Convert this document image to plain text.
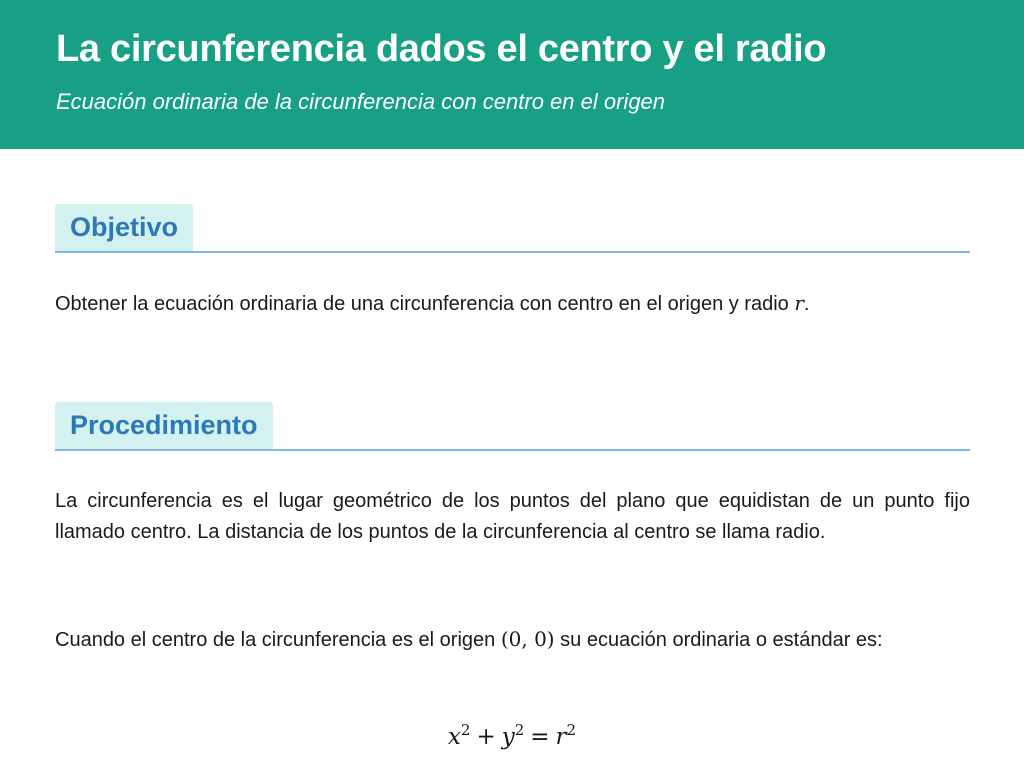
La circunferencia dados el centro y el radio
Ecuación ordinaria de la circunferencia con centro en el origen
Objetivo
Obtener la ecuación ordinaria de una circunferencia con centro en el origen y radio r.
Procedimiento
La circunferencia es el lugar geométrico de los puntos del plano que equidistan de un punto fijo llamado centro. La distancia de los puntos de la circunferencia al centro se llama radio.
Cuando el centro de la circunferencia es el origen (0, 0) su ecuación ordinaria o estándar es:
$x^2 + y^2 = r^2$
